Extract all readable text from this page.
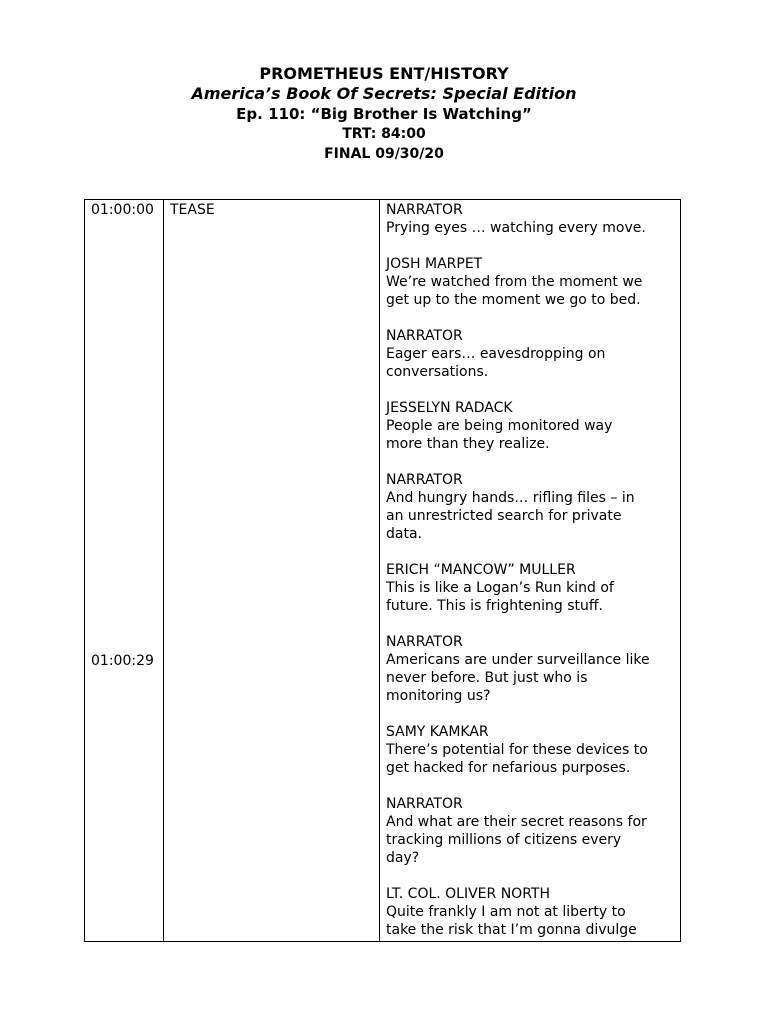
PROMETHEUS ENT/HISTORY
America’s Book Of Secrets: Special Edition
Ep. 110: “Big Brother Is Watching”
TRT: 84:00
FINAL 09/30/20
01:00:00
01:00:29
TEASE	NARRATOR
Prying eyes … watching every move.
JOSH MARPET
We’re watched from the moment we
get up to the moment we go to bed.
NARRATOR
Eager ears… eavesdropping on
conversations.
JESSELYN RADACK
People are being monitored way
more than they realize.
NARRATOR
And hungry hands… rifling files – in
an unrestricted search for private
data.
ERICH “MANCOW” MULLER
This is like a Logan’s Run kind of
future. This is frightening stuff.
NARRATOR
Americans are under surveillance like
never before. But just who is
monitoring us?
SAMY KAMKAR
There’s potential for these devices to
get hacked for nefarious purposes.
NARRATOR
And what are their secret reasons for
tracking millions of citizens every
day?
LT. COL. OLIVER NORTH
Quite frankly I am not at liberty to
take the risk that I’m gonna divulge
